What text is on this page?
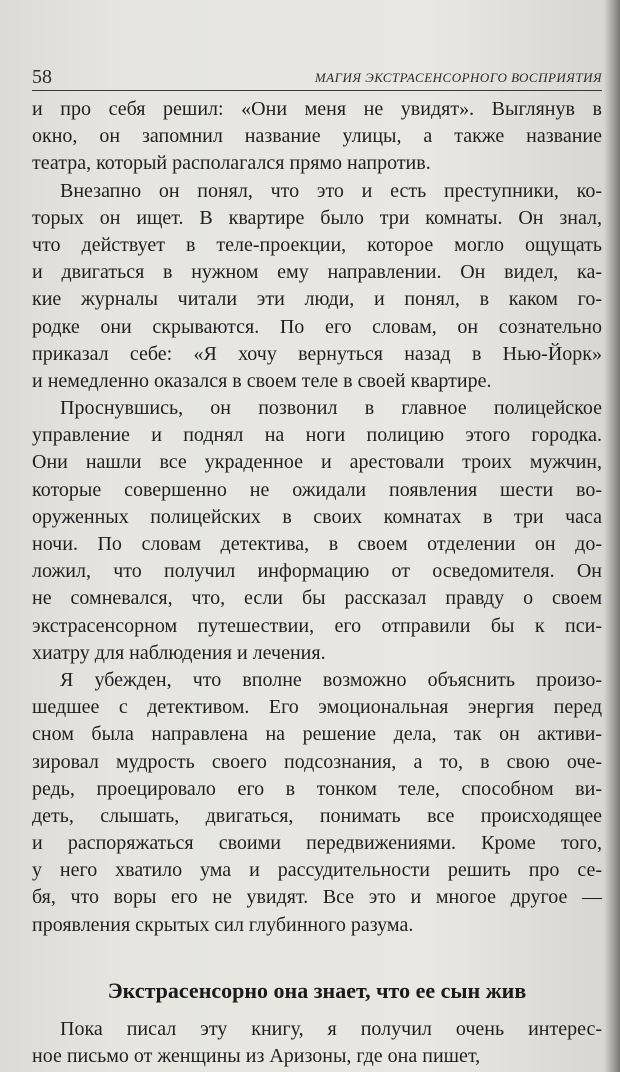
58	МАГИЯ ЭКСТРАСЕНСОРНОГО ВОСПРИЯТИЯ
и про себя решил: «Они меня не увидят». Выглянув в
окно, он запомнил название улицы, а также название
театра, который располагался прямо напротив.
Внезапно он понял, что это и есть преступники, ко-
торых он ищет. В квартире было три комнаты. Он знал,
что действует в теле-проекции, которое могло ощущать
и двигаться в нужном ему направлении. Он видел, ка-
кие журналы читали эти люди, и понял, в каком го-
родке они скрываются. По его словам, он сознательно
приказал себе: «Я хочу вернуться назад в Нью-Йорк»
и немедленно оказался в своем теле в своей квартире.
Проснувшись, он позвонил в главное полицейское
управление и поднял на ноги полицию этого городка.
Они нашли все украденное и арестовали троих мужчин,
которые совершенно не ожидали появления шести во-
оруженных полицейских в своих комнатах в три часа
ночи. По словам детектива, в своем отделении он до-
ложил, что получил информацию от осведомителя. Он
не сомневался, что, если бы рассказал правду о своем
экстрасенсорном путешествии, его отправили бы к пси-
хиатру для наблюдения и лечения.
Я убежден, что вполне возможно объяснить произо-
шедшее с детективом. Его эмоциональная энергия перед
сном была направлена на решение дела, так он активи-
зировал мудрость своего подсознания, а то, в свою оче-
редь, проецировало его в тонком теле, способном ви-
деть, слышать, двигаться, понимать все происходящее
и распоряжаться своими передвижениями. Кроме того,
у него хватило ума и рассудительности решить про се-
бя, что воры его не увидят. Все это и многое другое —
проявления скрытых сил глубинного разума.
Экстрасенсорно она знает, что ее сын жив
Пока писал эту книгу, я получил очень интерес-
ное письмо от женщины из Аризоны, где она пишет,
